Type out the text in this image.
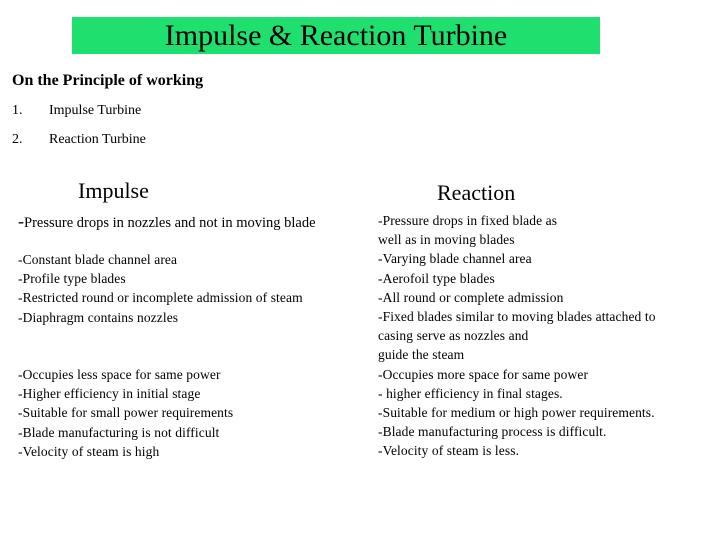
Impulse & Reaction Turbine
On the Principle of working
1. Impulse Turbine
2. Reaction Turbine
Impulse	Reaction
-Pressure drops in nozzles and not in moving blade
-Constant blade channel area
-Profile type blades
-Restricted round or incomplete admission of steam
-Diaphragm contains nozzles
-Occupies less space for same power
-Higher efficiency in initial stage
-Suitable for small power requirements
-Blade manufacturing is not difficult
-Velocity of steam is high
-Pressure drops in fixed blade as
well as in moving blades
-Varying blade channel area
-Aerofoil type blades
-All round or complete admission
-Fixed blades similar to moving blades attached to
casing serve as nozzles and
guide the steam
-Occupies more space for same power
- higher efficiency in final stages.
-Suitable for medium or high power requirements.
-Blade manufacturing process is difficult.
-Velocity of steam is less.
